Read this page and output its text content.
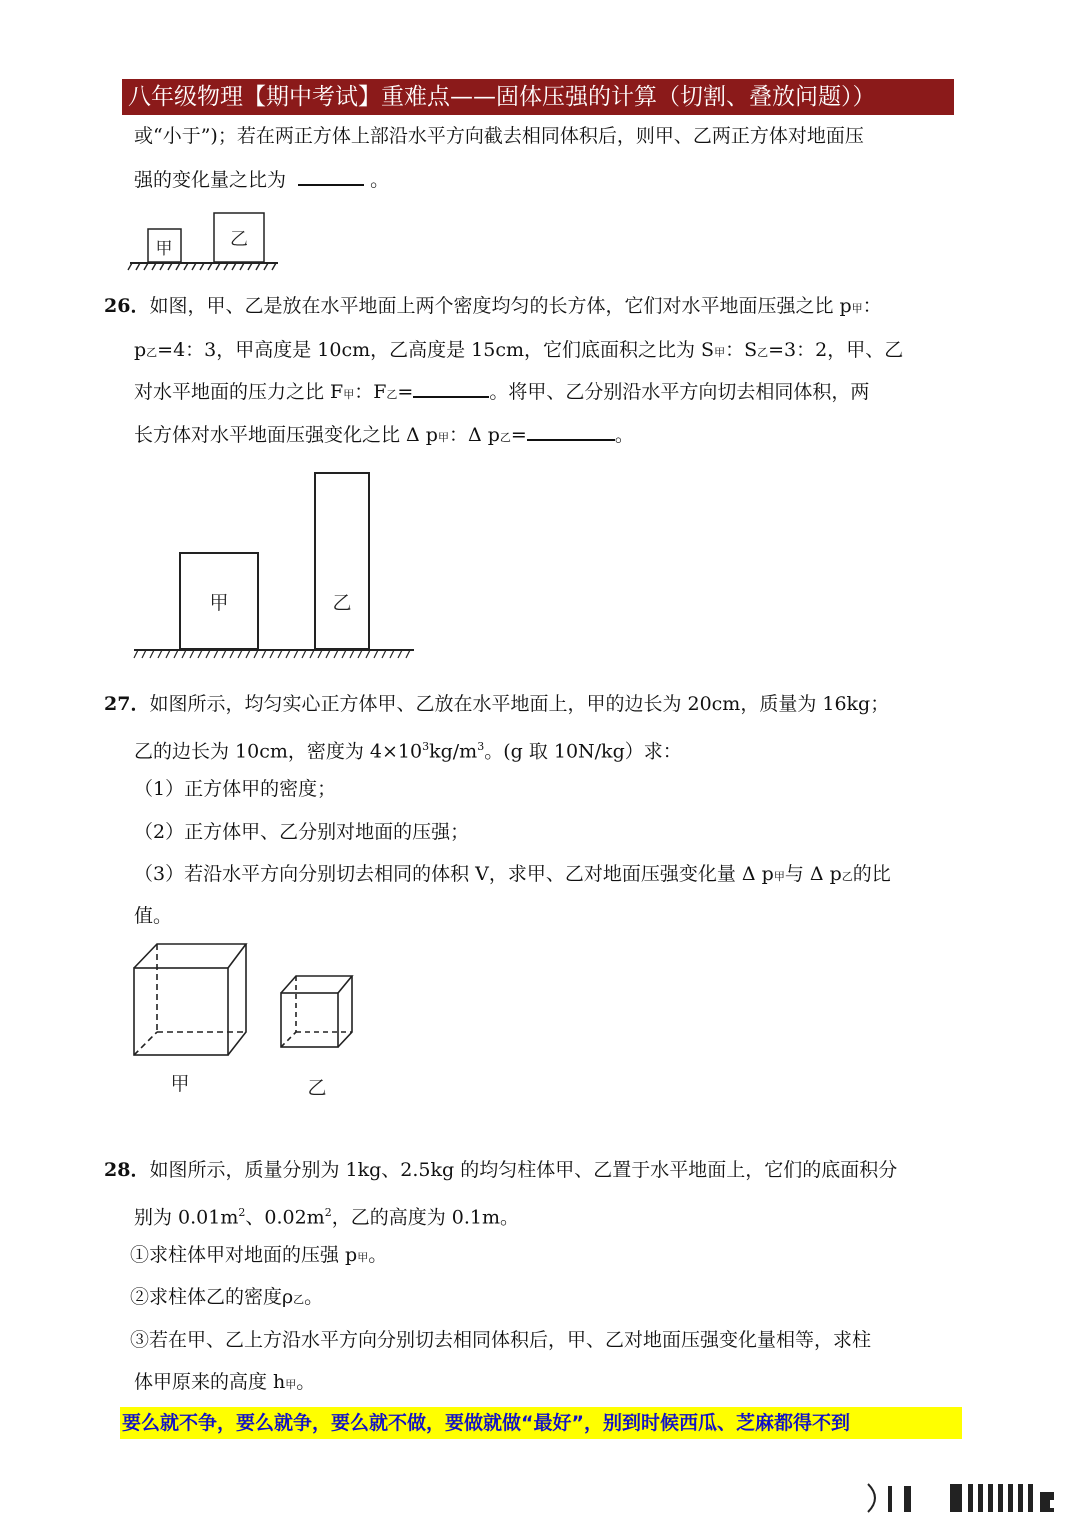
八年级物理【期中考试】重难点——固体压强的计算（切割、叠放问题））
或“小于”)；若在两正方体上部沿水平方向截去相同体积后，则甲、乙两正方体对地面压
强的变化量之比为	。
甲	乙
26．如图，甲、乙是放在水平地面上两个密度均匀的长方体，它们对水平地面压强之比 p甲：
p乙=4：3，甲高度是 10cm，乙高度是 15cm，它们底面积之比为 S甲：S乙=3：2，甲、乙
对水平地面的压力之比 F甲：F乙=	。将甲、乙分别沿水平方向切去相同体积，两
长方体对水平地面压强变化之比 Δ p甲：Δ p乙=	。
甲	乙
27．如图所示，均匀实心正方体甲、乙放在水平地面上，甲的边长为 20cm，质量为 16kg；
乙的边长为 10cm，密度为 $4\times 10^3kg/m^3$。(g 取 10N/kg）求：
（1）正方体甲的密度；
（2）正方体甲、乙分别对地面的压强；
（3）若沿水平方向分别切去相同的体积 V，求甲、乙对地面压强变化量 Δ p甲与 Δ p乙的比
值。
甲	乙
28．如图所示，质量分别为 1kg、2.5kg 的均匀柱体甲、乙置于水平地面上，它们的底面积分
别为 $0.01m^2$、$0.02m^2$，乙的高度为 0.1m。
①求柱体甲对地面的压强 p甲。
②求柱体乙的密度ρ乙。
③若在甲、乙上方沿水平方向分别切去相同体积后，甲、乙对地面压强变化量相等，求柱
体甲原来的高度 h甲。
要么就不争，要么就争，要么就不做，要做就做“最好”，别到时候西瓜、芝麻都得不到
